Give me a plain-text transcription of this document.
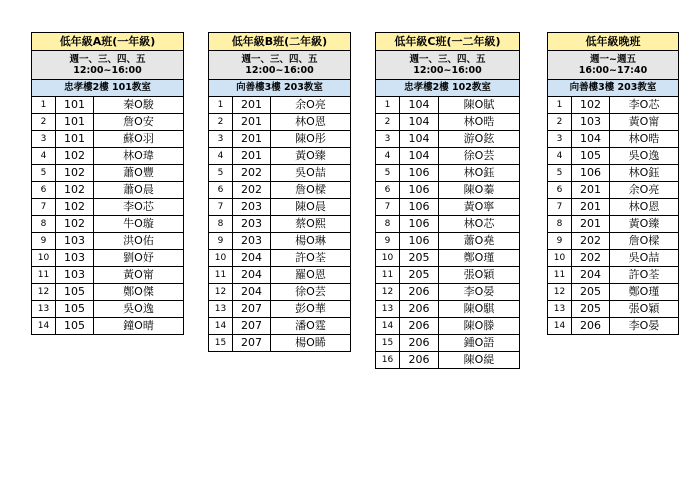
低年級A班(一年級)		

週一、三、四、五
12:00~16:00		

忠孝樓2樓 101教室		
1	101	秦O駿
2	101	詹O安
3	101	蘇O羽
4	102	林O瑋
5	102	蕭O豐
6	102	蕭O晨
7	102	李O芯
8	102	牛O璇
9	103	洪O佑
10	103	劉O妤
11	103	黃O甯
12	105	鄭O傑
13	105	吳O逸
14	105	鐘O晴
低年級B班(二年級)		

週一、三、四、五
12:00~16:00		

向善樓3樓 203教室		
1	201	余O亮
2	201	林O恩
3	201	陳O彤
4	201	黃O臻
5	202	吳O喆
6	202	詹O樑
7	203	陳O晨
8	203	蔡O熙
9	203	楊O琳
10	204	許O荃
11	204	羅O恩
12	204	徐O芸
13	207	彭O華
14	207	潘O霆
15	207	楊O睎
低年級C班(一二年級)		

週一、三、四、五
12:00~16:00		

忠孝樓2樓 102教室		
1	104	陳O賦
2	104	林O晧
3	104	游O鉉
4	104	徐O芸
5	106	林O鈺
6	106	陳O蓁
7	106	黃O寧
8	106	林O芯
9	106	蕭O堯
10	205	鄭O瑾
11	205	張O穎
12	206	李O晏
13	206	陳O騏
14	206	陳O滕
15	206	鍾O語
16	206	陳O緹
低年級晚班		

週一~週五
16:00~17:40		

向善樓3樓 203教室		
1	102	李O芯
2	103	黃O甯
3	104	林O晧
4	105	吳O逸
5	106	林O鈺
6	201	余O亮
7	201	林O恩
8	201	黃O臻
9	202	詹O樑
10	202	吳O喆
11	204	許O荃
12	205	鄭O瑾
13	205	張O穎
14	206	李O晏
